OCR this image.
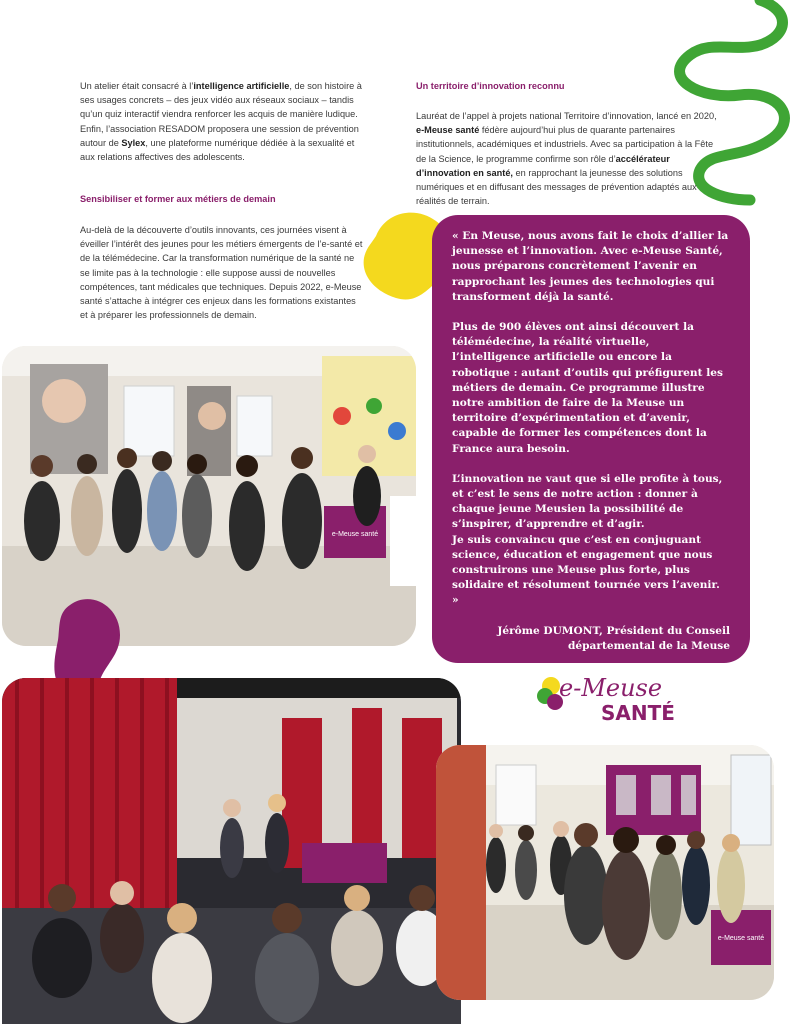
Un atelier était consacré à l’intelligence artificielle, de son histoire à ses usages concrets – des jeux vidéo aux réseaux sociaux – tandis qu’un quiz interactif viendra renforcer les acquis de manière ludique. Enfin, l’association RESADOM proposera une session de prévention autour de Sylex, une plateforme numérique dédiée à la sexualité et aux relations affectives des adolescents.
Sensibiliser et former aux métiers de demain
Au-delà de la découverte d’outils innovants, ces journées visent à éveiller l’intérêt des jeunes pour les métiers émergents de l’e-santé et de la télémédecine. Car la transformation numérique de la santé ne se limite pas à la technologie : elle suppose aussi de nouvelles compétences, tant médicales que techniques. Depuis 2022, e-Meuse santé s’attache à intégrer ces enjeux dans les formations existantes et à préparer les professionnels de demain.
Un territoire d’innovation reconnu
Lauréat de l’appel à projets national Territoire d’innovation, lancé en 2020, e-Meuse santé fédère aujourd’hui plus de quarante partenaires institutionnels, académiques et industriels. Avec sa participation à la Fête de la Science, le programme confirme son rôle d’accélérateur d’innovation en santé, en rapprochant la jeunesse des solutions numériques et en diffusant des messages de prévention adaptés aux réalités de terrain.

« En Meuse, nous avons fait le choix d’allier la jeunesse et l’innovation. Avec e-Meuse Santé, nous préparons concrètement l’avenir en rapprochant les jeunes des technologies qui transforment déjà la santé.

Plus de 900 élèves ont ainsi découvert la télémédecine, la réalité virtuelle, l’intelligence artificielle ou encore la robotique : autant d’outils qui préfigurent les métiers de demain. Ce programme illustre notre ambition de faire de la Meuse un territoire d’expérimentation et d’avenir, capable de former les compétences dont la France aura besoin.

L’innovation ne vaut que si elle profite à tous, et c’est le sens de notre action : donner à chaque jeune Meusien la possibilité de s’inspirer, d’apprendre et d’agir.

Je suis convaincu que c’est en conjuguant science, éducation et engagement que nous construirons une Meuse plus forte, plus solidaire et résolument tournée vers l’avenir. »

Jérôme DUMONT, Président du Conseil
départemental de la Meuse
e-Meuse santé
e-Meuse
SANTÉ
e-Meuse santé
